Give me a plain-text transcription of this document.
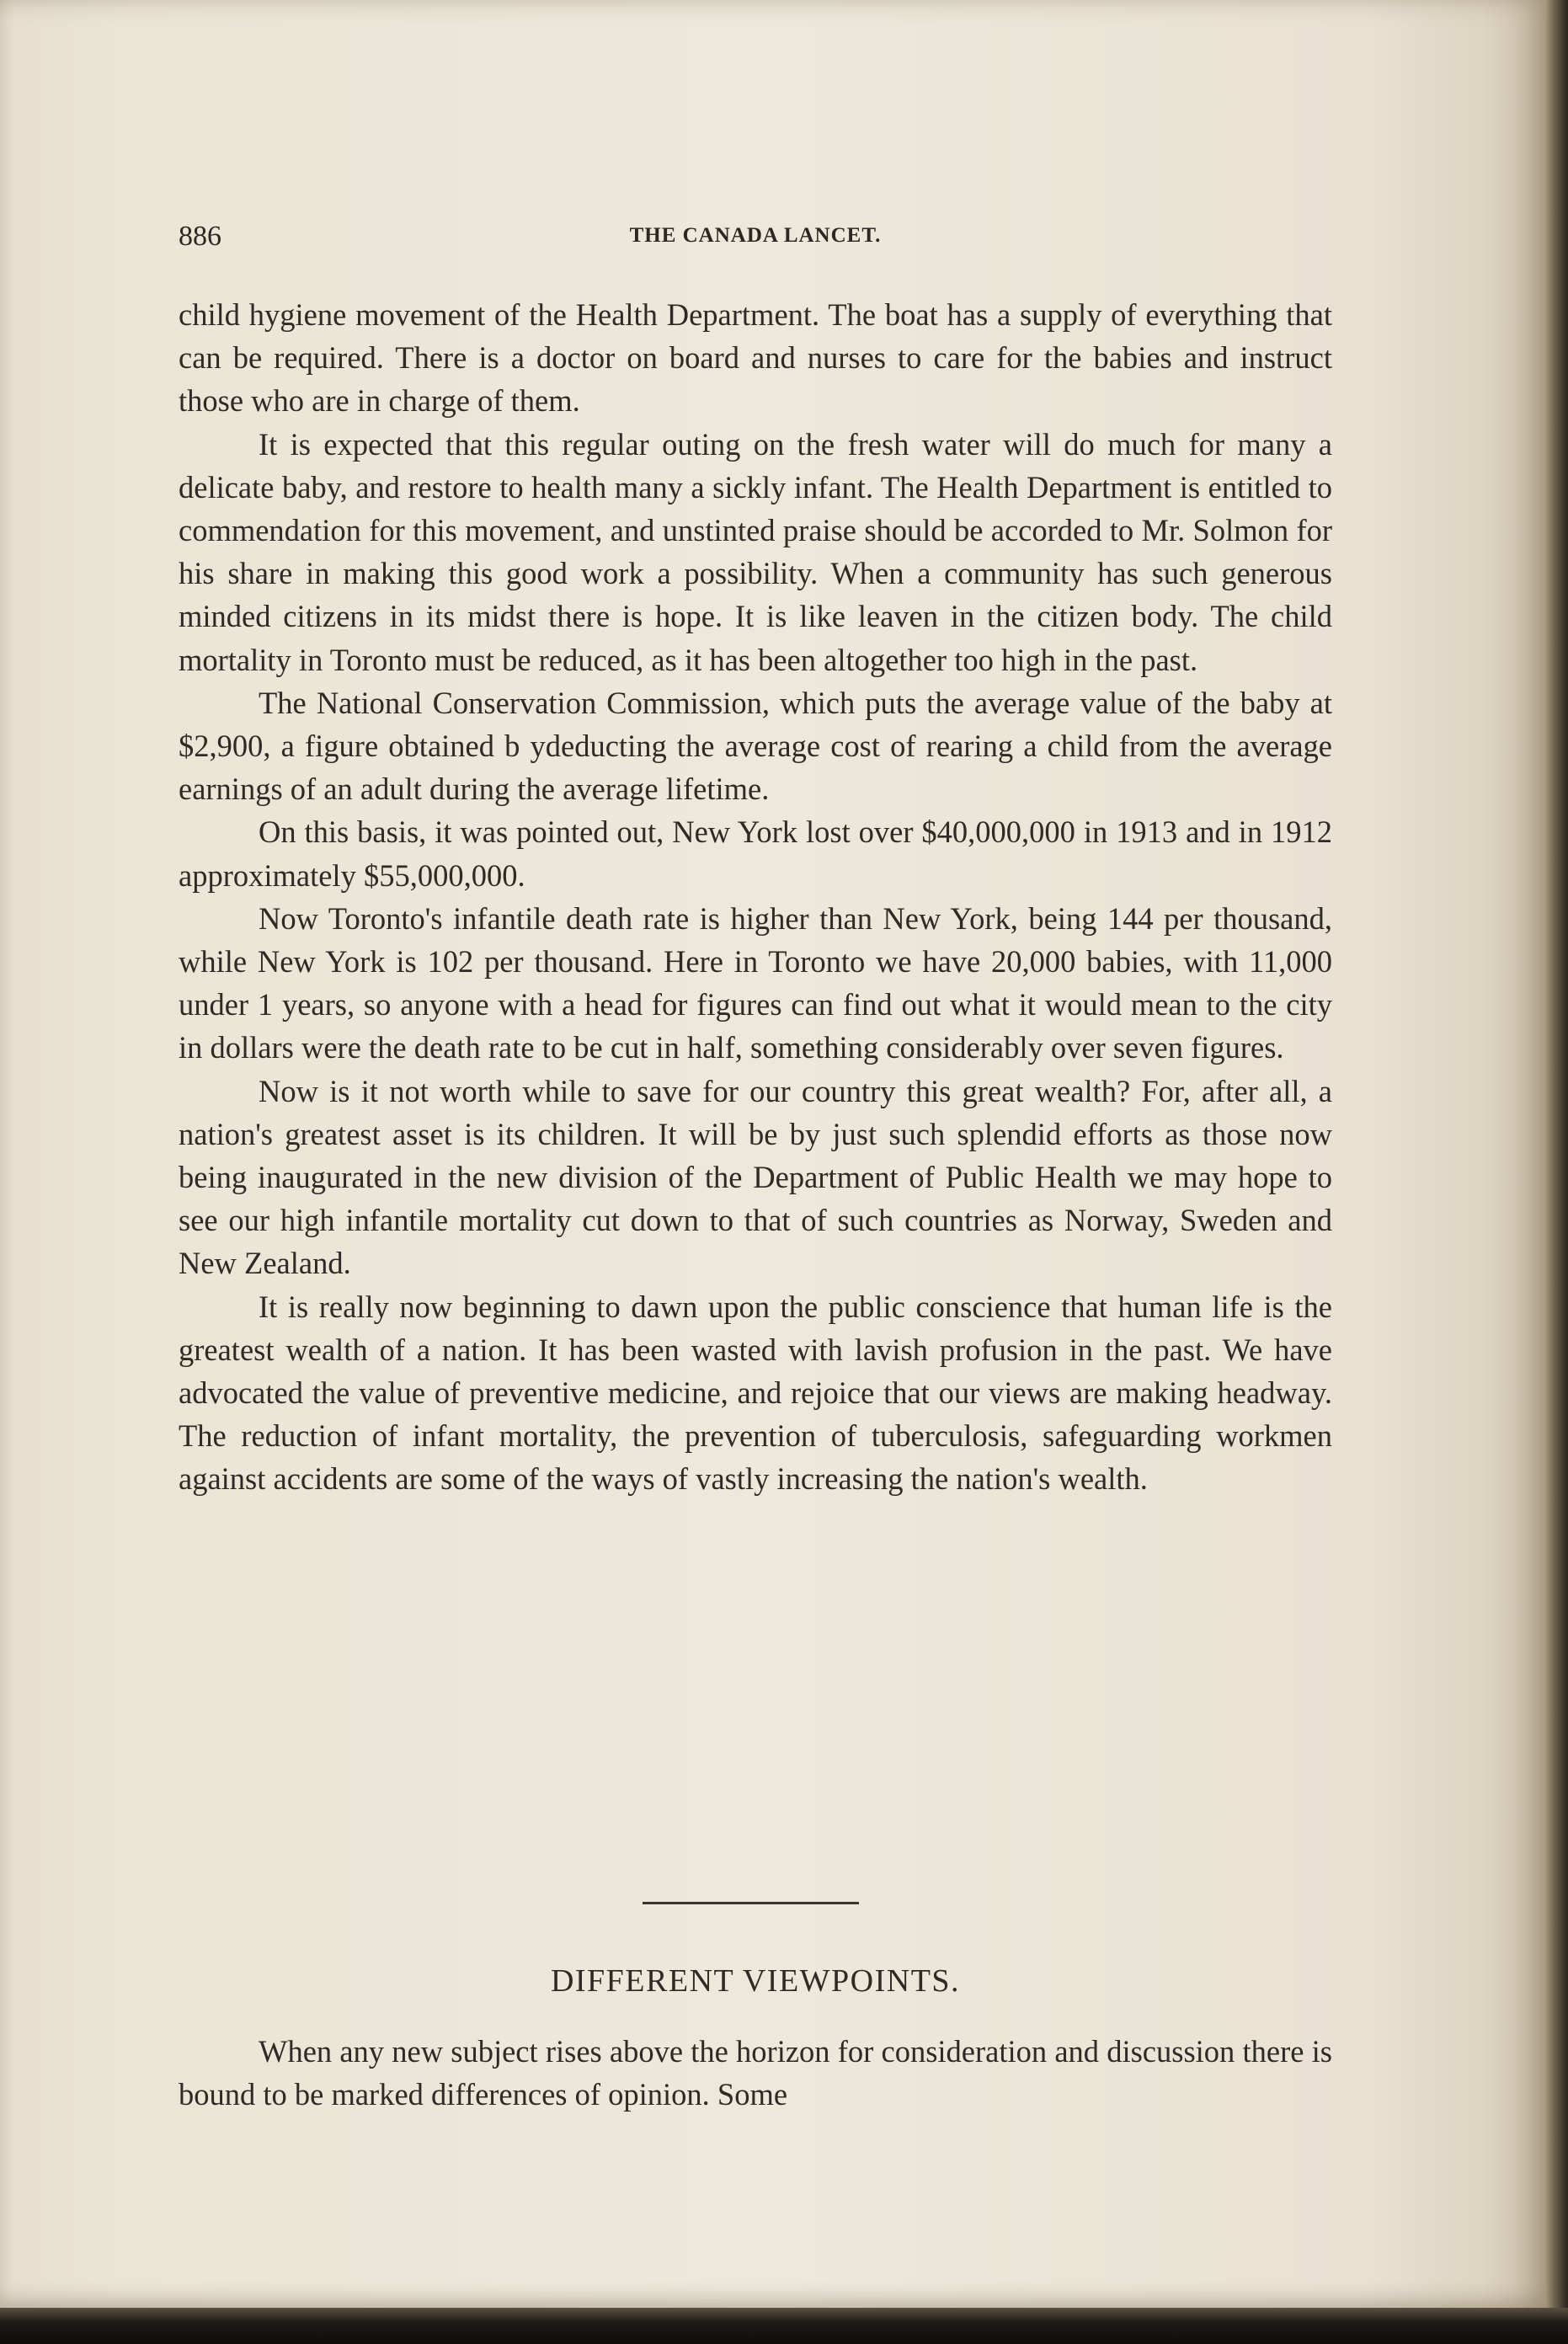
886	THE CANADA LANCET.

child hygiene movement of the Health Department. The boat has a supply of everything that can be required. There is a doctor on board and nurses to care for the babies and instruct those who are in charge of them.

It is expected that this regular outing on the fresh water will do much for many a delicate baby, and restore to health many a sickly infant. The Health Department is entitled to commendation for this movement, and unstinted praise should be accorded to Mr. Solmon for his share in making this good work a possibility. When a community has such generous minded citizens in its midst there is hope. It is like leaven in the citizen body. The child mortality in Toronto must be reduced, as it has been altogether too high in the past.

The National Conservation Commission, which puts the average value of the baby at $2,900, a figure obtained b ydeducting the average cost of rearing a child from the average earnings of an adult during the average lifetime.

On this basis, it was pointed out, New York lost over $40,000,000 in 1913 and in 1912 approximately $55,000,000.

Now Toronto's infantile death rate is higher than New York, being 144 per thousand, while New York is 102 per thousand. Here in Toronto we have 20,000 babies, with 11,000 under 1 years, so anyone with a head for figures can find out what it would mean to the city in dollars were the death rate to be cut in half, something considerably over seven figures.

Now is it not worth while to save for our country this great wealth? For, after all, a nation's greatest asset is its children. It will be by just such splendid efforts as those now being inaugurated in the new division of the Department of Public Health we may hope to see our high infantile mortality cut down to that of such countries as Norway, Sweden and New Zealand.

It is really now beginning to dawn upon the public conscience that human life is the greatest wealth of a nation. It has been wasted with lavish profusion in the past. We have advocated the value of preventive medicine, and rejoice that our views are making headway. The reduction of infant mortality, the prevention of tuberculosis, safeguarding workmen against accidents are some of the ways of vastly increasing the nation's wealth.

DIFFERENT VIEWPOINTS.

When any new subject rises above the horizon for consideration and discussion there is bound to be marked differences of opinion. Some
